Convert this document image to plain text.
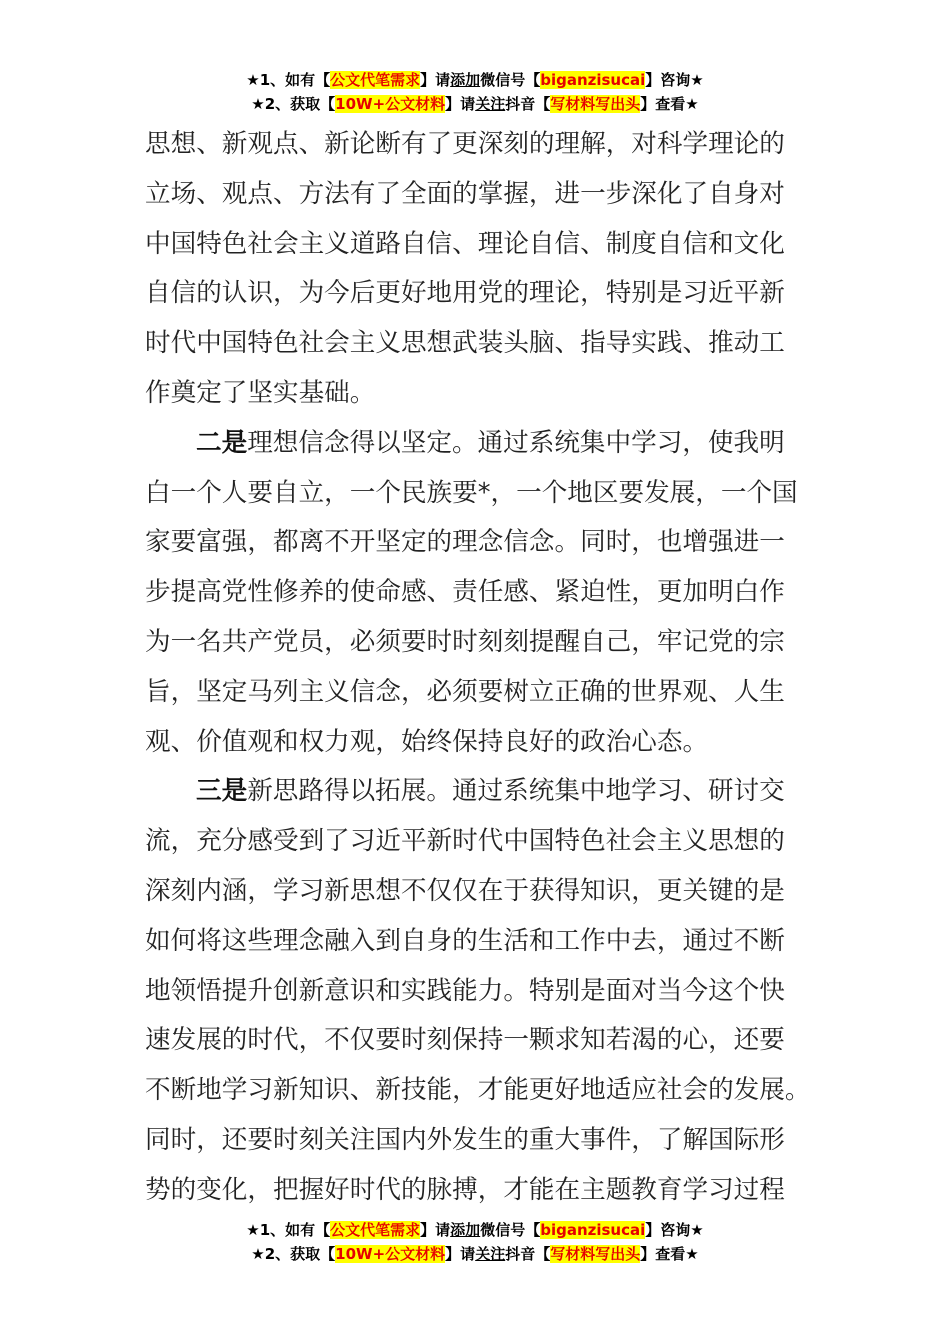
★1、如有【公文代笔需求】请添加微信号【biganzisucai】咨询★
★2、获取【10W+公文材料】请关注抖音【写材料写出头】查看★
思想、新观点、新论断有了更深刻的理解，对科学理论的
立场、观点、方法有了全面的掌握，进一步深化了自身对
中国特色社会主义道路自信、理论自信、制度自信和文化
自信的认识，为今后更好地用党的理论，特别是习近平新
时代中国特色社会主义思想武装头脑、指导实践、推动工
作奠定了坚实基础。
二是理想信念得以坚定。通过系统集中学习，使我明
白一个人要自立，一个民族要*，一个地区要发展，一个国
家要富强，都离不开坚定的理念信念。同时，也增强进一
步提高党性修养的使命感、责任感、紧迫性，更加明白作
为一名共产党员，必须要时时刻刻提醒自己，牢记党的宗
旨，坚定马列主义信念，必须要树立正确的世界观、人生
观、价值观和权力观，始终保持良好的政治心态。
三是新思路得以拓展。通过系统集中地学习、研讨交
流，充分感受到了习近平新时代中国特色社会主义思想的
深刻内涵，学习新思想不仅仅在于获得知识，更关键的是
如何将这些理念融入到自身的生活和工作中去，通过不断
地领悟提升创新意识和实践能力。特别是面对当今这个快
速发展的时代，不仅要时刻保持一颗求知若渴的心，还要
不断地学习新知识、新技能，才能更好地适应社会的发展。
同时，还要时刻关注国内外发生的重大事件，了解国际形
势的变化，把握好时代的脉搏，才能在主题教育学习过程
★1、如有【公文代笔需求】请添加微信号【biganzisucai】咨询★
★2、获取【10W+公文材料】请关注抖音【写材料写出头】查看★
